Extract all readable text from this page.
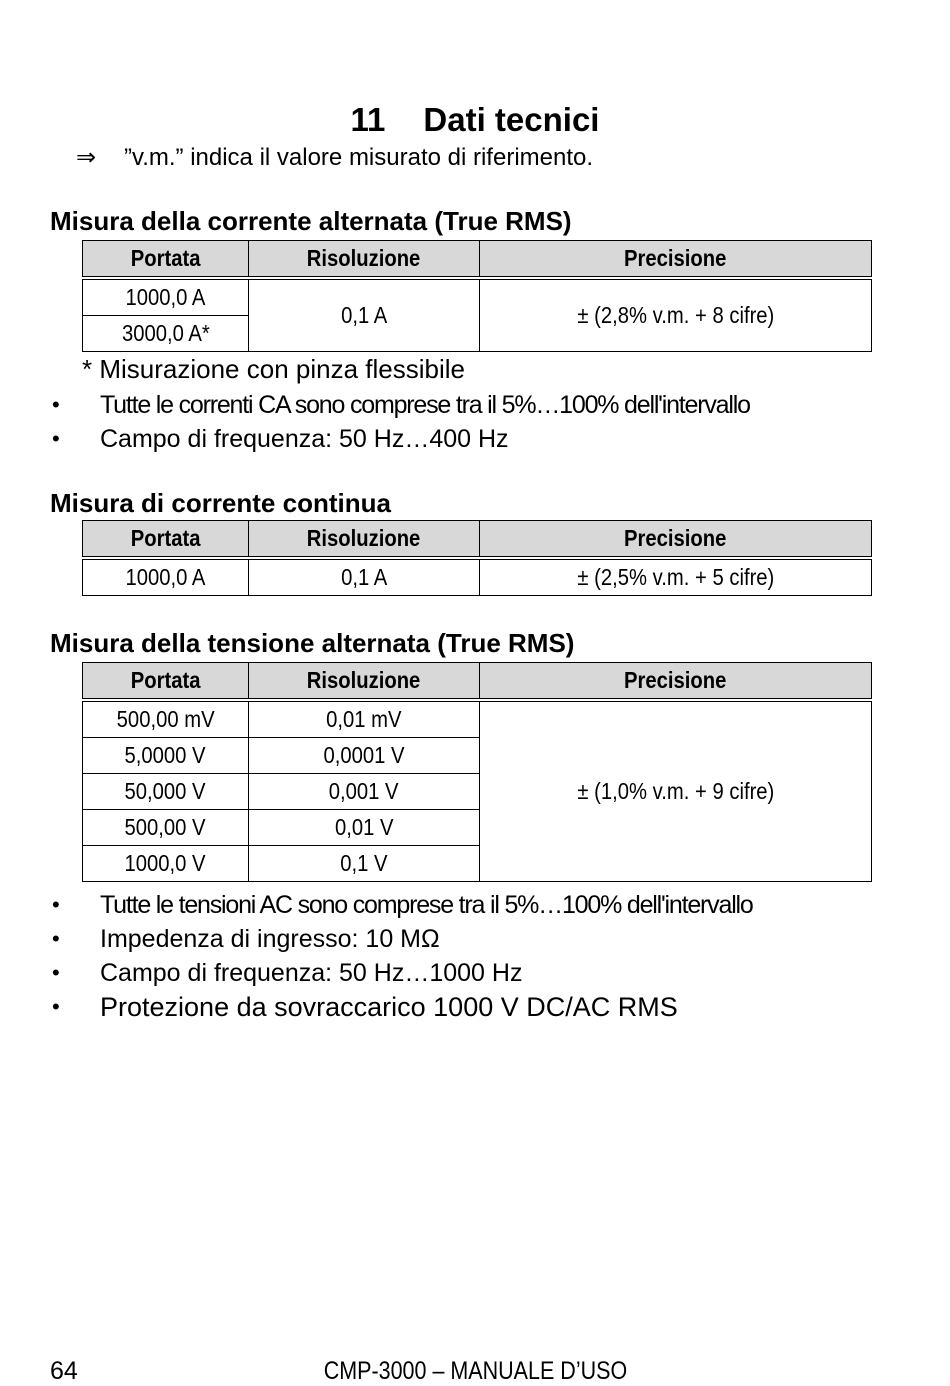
11 Dati tecnici
⇒ ”v.m.” indica il valore misurato di riferimento.
Misura della corrente alternata (True RMS)
Portata	Risoluzione	Precisione
1000,0 A	0,1 A	± (2,8% v.m. + 8 cifre)
3000,0 A*		
* Misurazione con pinza flessibile
• Tutte le correnti CA sono comprese tra il 5%…100% dell'intervallo
• Campo di frequenza: 50 Hz…400 Hz
Misura di corrente continua
Portata	Risoluzione	Precisione
1000,0 A	0,1 A	± (2,5% v.m. + 5 cifre)
Misura della tensione alternata (True RMS)
Portata	Risoluzione	Precisione
500,00 mV	0,01 mV	± (1,0% v.m. + 9 cifre)
5,0000 V	0,0001 V	
50,000 V	0,001 V	
500,00 V	0,01 V	
1000,0 V	0,1 V	
• Tutte le tensioni AC sono comprese tra il 5%…100% dell'intervallo
• Impedenza di ingresso: 10 MΩ
• Campo di frequenza: 50 Hz…1000 Hz
• Protezione da sovraccarico 1000 V DC/AC RMS
64	CMP-3000 – MANUALE D’USO
